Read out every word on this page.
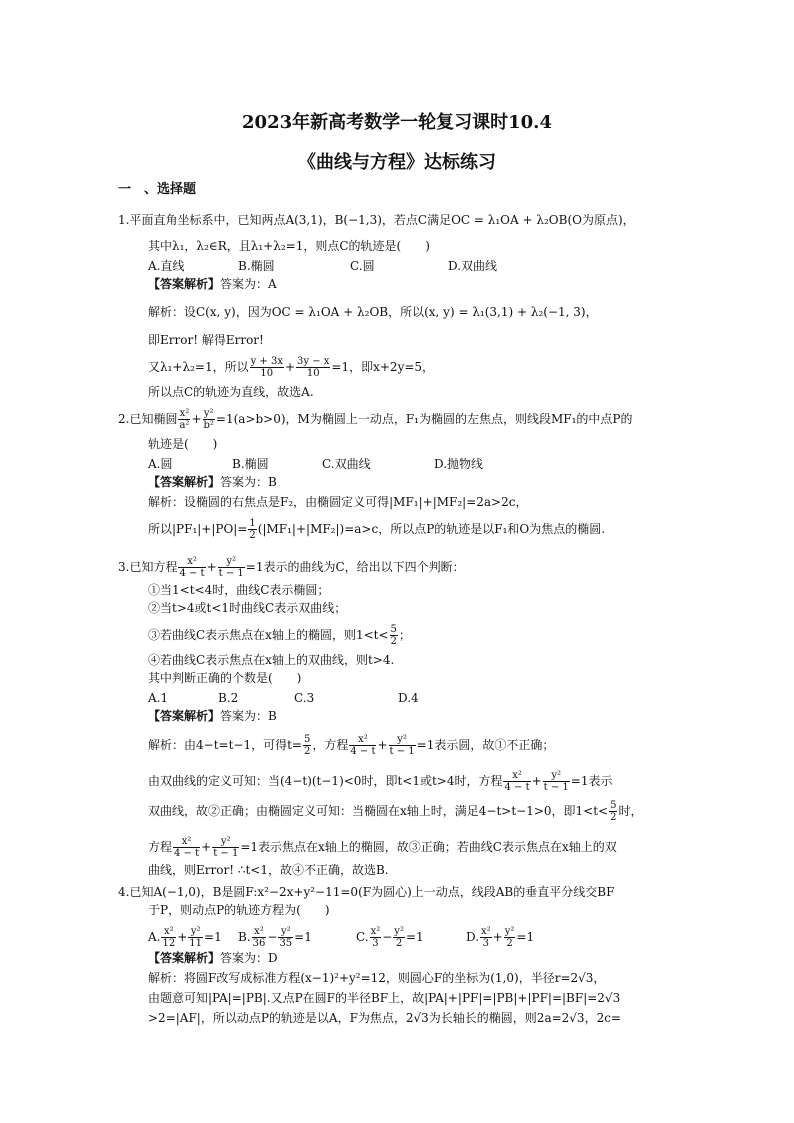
2023年新高考数学一轮复习课时10.4
《曲线与方程》达标练习
一　、选择题
1.平面直角坐标系中，已知两点A(3,1)，B(−1,3)，若点C满足OC = λ₁OA + λ₂OB(O为原点)，
其中λ₁，λ₂∈R，且λ₁+λ₂=1，则点C的轨迹是(　　)
A.直线	B.椭圆	C.圆	D.双曲线
【答案解析】答案为：A
解析：设C(x, y)，因为OC = λ₁OA + λ₂OB，所以(x, y) = λ₁(3,1) + λ₂(−1, 3)，
即Error! 解得Error!
又λ₁+λ₂=1，所以 $\frac{y + 3x}{10} + \frac{3y - x}{10} =1$，即x+2y=5，
所以点C的轨迹为直线，故选A.
2.已知椭圆 $\frac{\text{x²}}{\text{a²}} + \frac{\text{y²}}{\text{b²}} =1(a>b>0)$，M为椭圆上一动点，F₁为椭圆的左焦点，则线段MF₁的中点P的
轨迹是(　　)
A.圆	B.椭圆	C.双曲线	D.抛物线
【答案解析】答案为：B
解析：设椭圆的右焦点是F₂，由椭圆定义可得|MF₁|+|MF₂|=2a>2c，
所以$|PF_1|+|PO|= \frac{1}{2} (|MF_1|+|MF_2|)=a>c$，所以点P的轨迹是以F₁和O为焦点的椭圆.
3.已知方程 $\frac{\text{x²}}{4 - t} + \frac{\text{y²}}{t - 1} =1$表示的曲线为C，给出以下四个判断：
①当1<t<4时，曲线C表示椭圆；
②当t>4或t<1时曲线C表示双曲线；
③若曲线C表示焦点在x轴上的椭圆，则$1<t< \frac{5}{2}$ ；
④若曲线C表示焦点在x轴上的双曲线，则t>4.
其中判断正确的个数是(　　)
A.1	B.2	C.3	D.4
【答案解析】答案为：B
解析：由4−t=t−1，可得$t= \frac{5}{2}$ ，方程 $\frac{\text{x²}}{4 - t} + \frac{\text{y²}}{t - 1} =1$表示圆，故①不正确；
由双曲线的定义可知：当(4−t)(t−1)<0时，即t<1或t>4时，方程 $\frac{\text{x²}}{4 - t} + \frac{\text{y²}}{t - 1} =1$表示
双曲线，故②正确；由椭圆定义可知：当椭圆在x轴上时，满足4−t>t−1>0，即$1<t< \frac{5}{2}$ 时，
方程 $\frac{\text{x²}}{4 - t} + \frac{\text{y²}}{t - 1} =1$表示焦点在x轴上的椭圆，故③正确；若曲线C表示焦点在x轴上的双
曲线，则Error! ∴t<1，故④不正确，故选B.
4.已知A(−1,0)，B是圆F:x²−2x+y²−11=0(F为圆心)上一动点，线段AB的垂直平分线交BF
于P，则动点P的轨迹方程为(　　)
A. $\frac{\text{x²}}{12} + \frac{\text{y²}}{11} =1$ B. $\frac{\text{x²}}{36} - \frac{\text{y²}}{35} =1$	C. $\frac{\text{x²}}{3} - \frac{\text{y²}}{2} =1$	D. $\frac{\text{x²}}{3} + \frac{\text{y²}}{2} =1$
【答案解析】答案为：D
解析：将圆F改写成标准方程(x−1)²+y²=12，则圆心F的坐标为(1,0)，半径r=2√3，
由题意可知|PA|=|PB|.又点P在圆F的半径BF上，故|PA|+|PF|=|PB|+|PF|=|BF|=2√3
>2=|AF|，所以动点P的轨迹是以A，F为焦点，2√3为长轴长的椭圆，则2a=2√3，2c=
